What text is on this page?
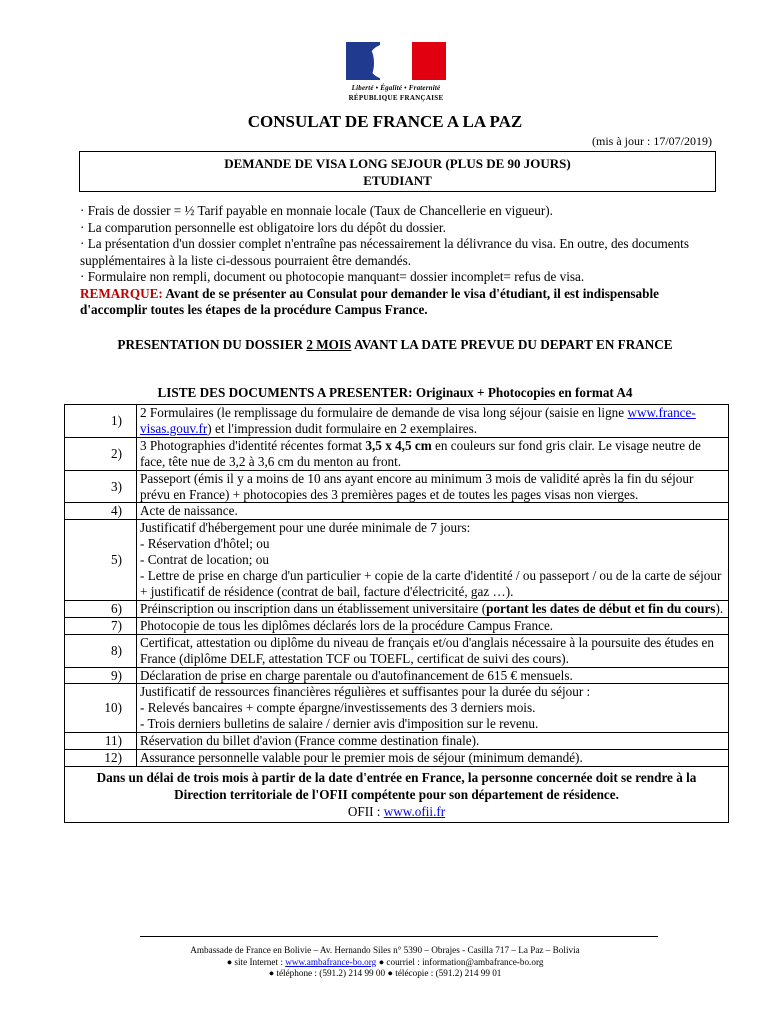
Liberté • Égalité • Fraternité
RÉPUBLIQUE FRANÇAISE
CONSULAT DE FRANCE A LA PAZ
(mis à jour : 17/07/2019)
DEMANDE DE VISA LONG SEJOUR (PLUS DE 90 JOURS)
ETUDIANT
· Frais de dossier = ½ Tarif payable en monnaie locale (Taux de Chancellerie en vigueur).
· La comparution personnelle est obligatoire lors du dépôt du dossier.
· La présentation d'un dossier complet n'entraîne pas nécessairement la délivrance du visa. En outre, des documents supplémentaires à la liste ci-dessous pourraient être demandés.
· Formulaire non rempli, document ou photocopie manquant= dossier incomplet= refus de visa.
REMARQUE: Avant de se présenter au Consulat pour demander le visa d'étudiant, il est indispensable d'accomplir toutes les étapes de la procédure Campus France.
PRESENTATION DU DOSSIER 2 MOIS AVANT LA DATE PREVUE DU DEPART EN FRANCE
LISTE DES DOCUMENTS A PRESENTER: Originaux + Photocopies en format A4
1)	2 Formulaires (le remplissage du formulaire de demande de visa long séjour (saisie en ligne www.france-visas.gouv.fr) et l'impression dudit formulaire en 2 exemplaires.
2)	3 Photographies d'identité récentes format 3,5 x 4,5 cm en couleurs sur fond gris clair. Le visage neutre de face, tête nue de 3,2 à 3,6 cm du menton au front.
3)	Passeport (émis il y a moins de 10 ans ayant encore au minimum 3 mois de validité après la fin du séjour prévu en France) + photocopies des 3 premières pages et de toutes les pages visas non vierges.
4)	Acte de naissance.
5)	Justificatif d'hébergement pour une durée minimale de 7 jours:
- Réservation d'hôtel; ou
- Contrat de location; ou
- Lettre de prise en charge d'un particulier + copie de la carte d'identité / ou passeport / ou de la carte de séjour + justificatif de résidence (contrat de bail, facture d'électricité, gaz …).
6)	Préinscription ou inscription dans un établissement universitaire (portant les dates de début et fin du cours).
7)	Photocopie de tous les diplômes déclarés lors de la procédure Campus France.
8)	Certificat, attestation ou diplôme du niveau de français et/ou d'anglais nécessaire à la poursuite des études en France (diplôme DELF, attestation TCF ou TOEFL, certificat de suivi des cours).
9)	Déclaration de prise en charge parentale ou d'autofinancement de 615 € mensuels.
10)	Justificatif de ressources financières régulières et suffisantes pour la durée du séjour :
- Relevés bancaires + compte épargne/investissements des 3 derniers mois.
- Trois derniers bulletins de salaire / dernier avis d'imposition sur le revenu.
11)	Réservation du billet d'avion (France comme destination finale).
12)	Assurance personnelle valable pour le premier mois de séjour (minimum demandé).

Dans un délai de trois mois à partir de la date d'entrée en France, la personne concernée doit se rendre à la
Direction territoriale de l'OFII compétente pour son département de résidence.
OFII : www.ofii.fr	
Ambassade de France en Bolivie – Av. Hernando Siles n° 5390 – Obrajes - Casilla 717 – La Paz – Bolivia
● site Internet : www.ambafrance-bo.org ● courriel : information@ambafrance-bo.org
● téléphone : (591.2) 214 99 00 ● télécopie : (591.2) 214 99 01
